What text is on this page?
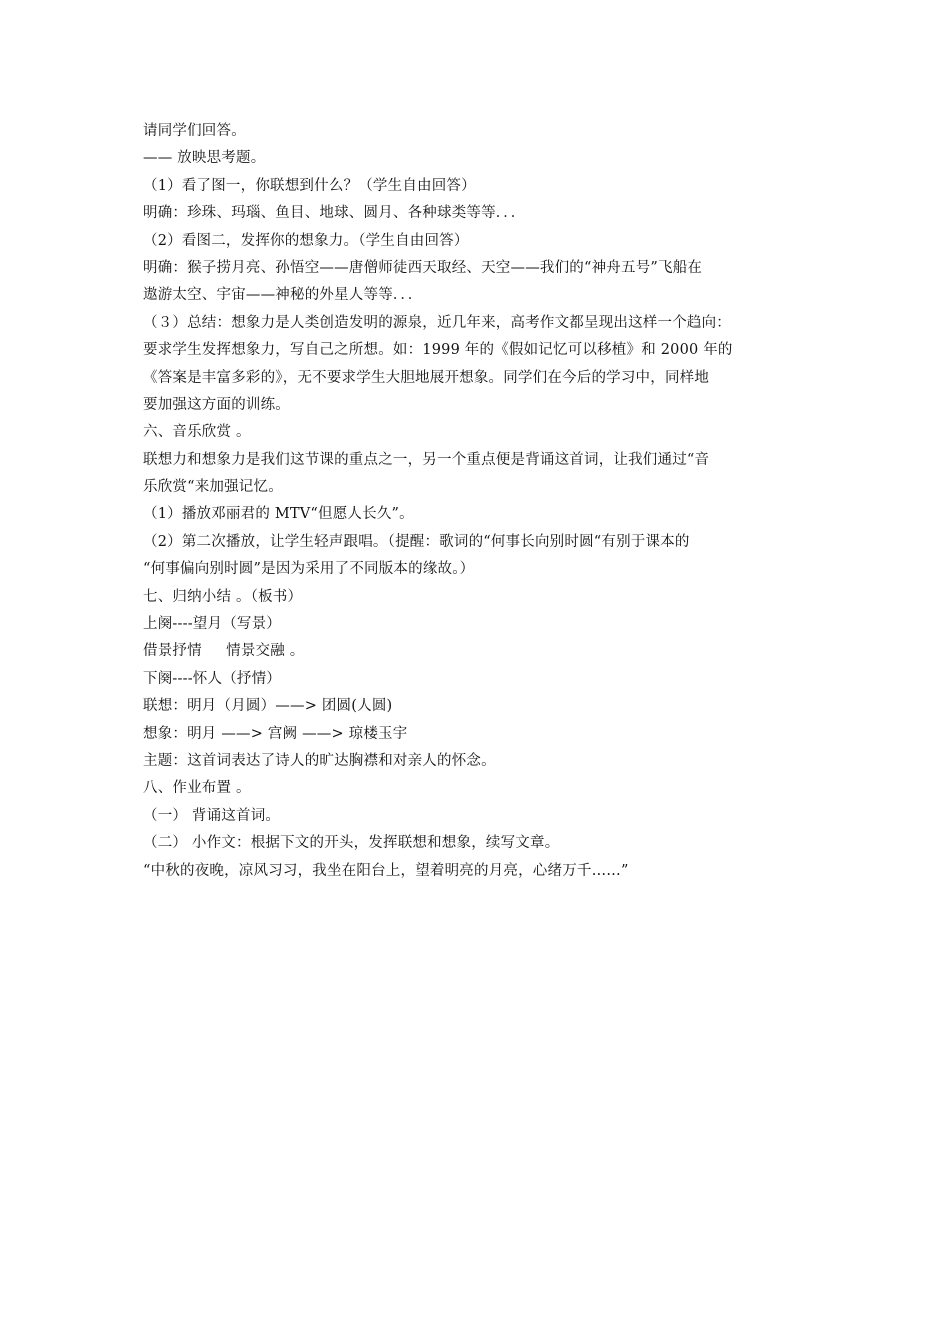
请同学们回答。
—— 放映思考题。
（1）看了图一，你联想到什么？（学生自由回答）
明确：珍珠、玛瑙、鱼目、地球、圆月、各种球类等等．．．
（2）看图二，发挥你的想象力。（学生自由回答）
明确：猴子捞月亮、孙悟空——唐僧师徒西天取经、天空——我们的“神舟五号”飞船在
遨游太空、宇宙——神秘的外星人等等．．．
（３）总结：想象力是人类创造发明的源泉，近几年来，高考作文都呈现出这样一个趋向：
要求学生发挥想象力，写自己之所想。如：1999 年的《假如记忆可以移植》和 2000 年的
《答案是丰富多彩的》，无不要求学生大胆地展开想象。同学们在今后的学习中，同样地
要加强这方面的训练。
六、音乐欣赏 。
联想力和想象力是我们这节课的重点之一，另一个重点便是背诵这首词，让我们通过“音
乐欣赏“来加强记忆。
（1）播放邓丽君的 MTV“但愿人长久”。
（2）第二次播放，让学生轻声跟唱。（提醒：歌词的“何事长向别时圆“有别于课本的
“何事偏向别时圆”是因为采用了不同版本的缘故。）
七、归纳小结 。（板书）
上阕----望月（写景）
借景抒情 　 情景交融 。
下阕----怀人（抒情）
联想：明月（月圆）——> 团圆(人圆)
想象：明月 ——> 宫阙 ——> 琼楼玉宇
主题：这首词表达了诗人的旷达胸襟和对亲人的怀念。
八、作业布置 。
（一） 背诵这首词。
（二） 小作文：根据下文的开头，发挥联想和想象，续写文章。
“中秋的夜晚，凉风习习，我坐在阳台上，望着明亮的月亮，心绪万千……”
